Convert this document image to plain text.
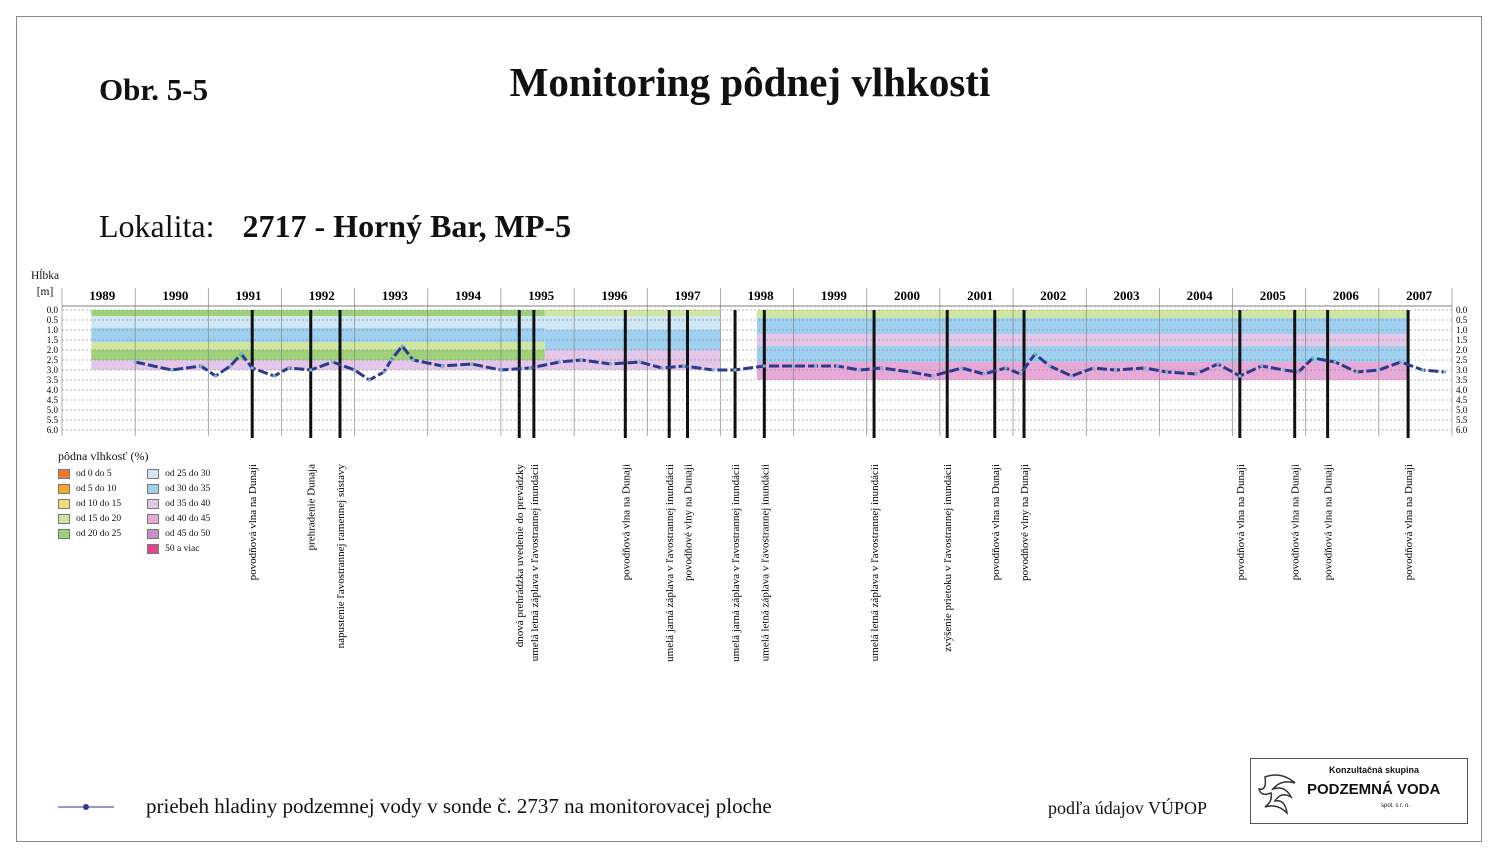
Obr. 5-5	Monitoring pôdnej vlhkosti
Lokalita: 2717 - Horný Bar, MP-5
Hĺbka
[m]
0.0	0.0
0.5	0.5
1.0	1.0
1.5	1.5
2.0	2.0
2.5	2.5
3.0	3.0
3.5	3.5
4.0	4.0
4.5	4.5
5.0	5.0
5.5	5.5
6.0	6.0
1989	1990	1991	1992	1993	1994	1995	1996	1997	1998	1999	2000	2001	2002	2003	2004	2005	2006	2007
povodňová vlna na Dunaji	prehradenie Dunaja napustenie ľavostrannej ramennej sústavy	dnová prehrádzka uvedenie do prevádzky umelá letná záplava v ľavostrannej inundácii	povodňová vlna na Dunaji	umelá jarná záplava v ľavostrannej inundácii povodňové vlny na Dunaji	umelá jarná záplava v ľavostrannej inundácii umelá letná záplava v ľavostrannej inundácii	umelá letná záplava v ľavostrannej inundácii	zvýšenie prietoku v ľavostrannej inundácii	povodňová vlna na Dunaji povodňové vlny na Dunaji	povodňová vlna na Dunaji	povodňová vlna na Dunaji povodňová vlna na Dunaji	povodňová vlna na Dunaji
pôdna vlhkosť (%)
od 0 do 5
od 5 do 10
od 10 do 15
od 15 do 20
od 20 do 25
od 25 do 30
od 30 do 35
od 35 do 40
od 40 do 45
od 45 do 50
50 a viac
priebeh hladiny podzemnej vody v sonde č. 2737 na monitorovacej ploche	podľa údajov VÚPOP
Konzultačná skupina
PODZEMNÁ VODA
spol. s r. o.
